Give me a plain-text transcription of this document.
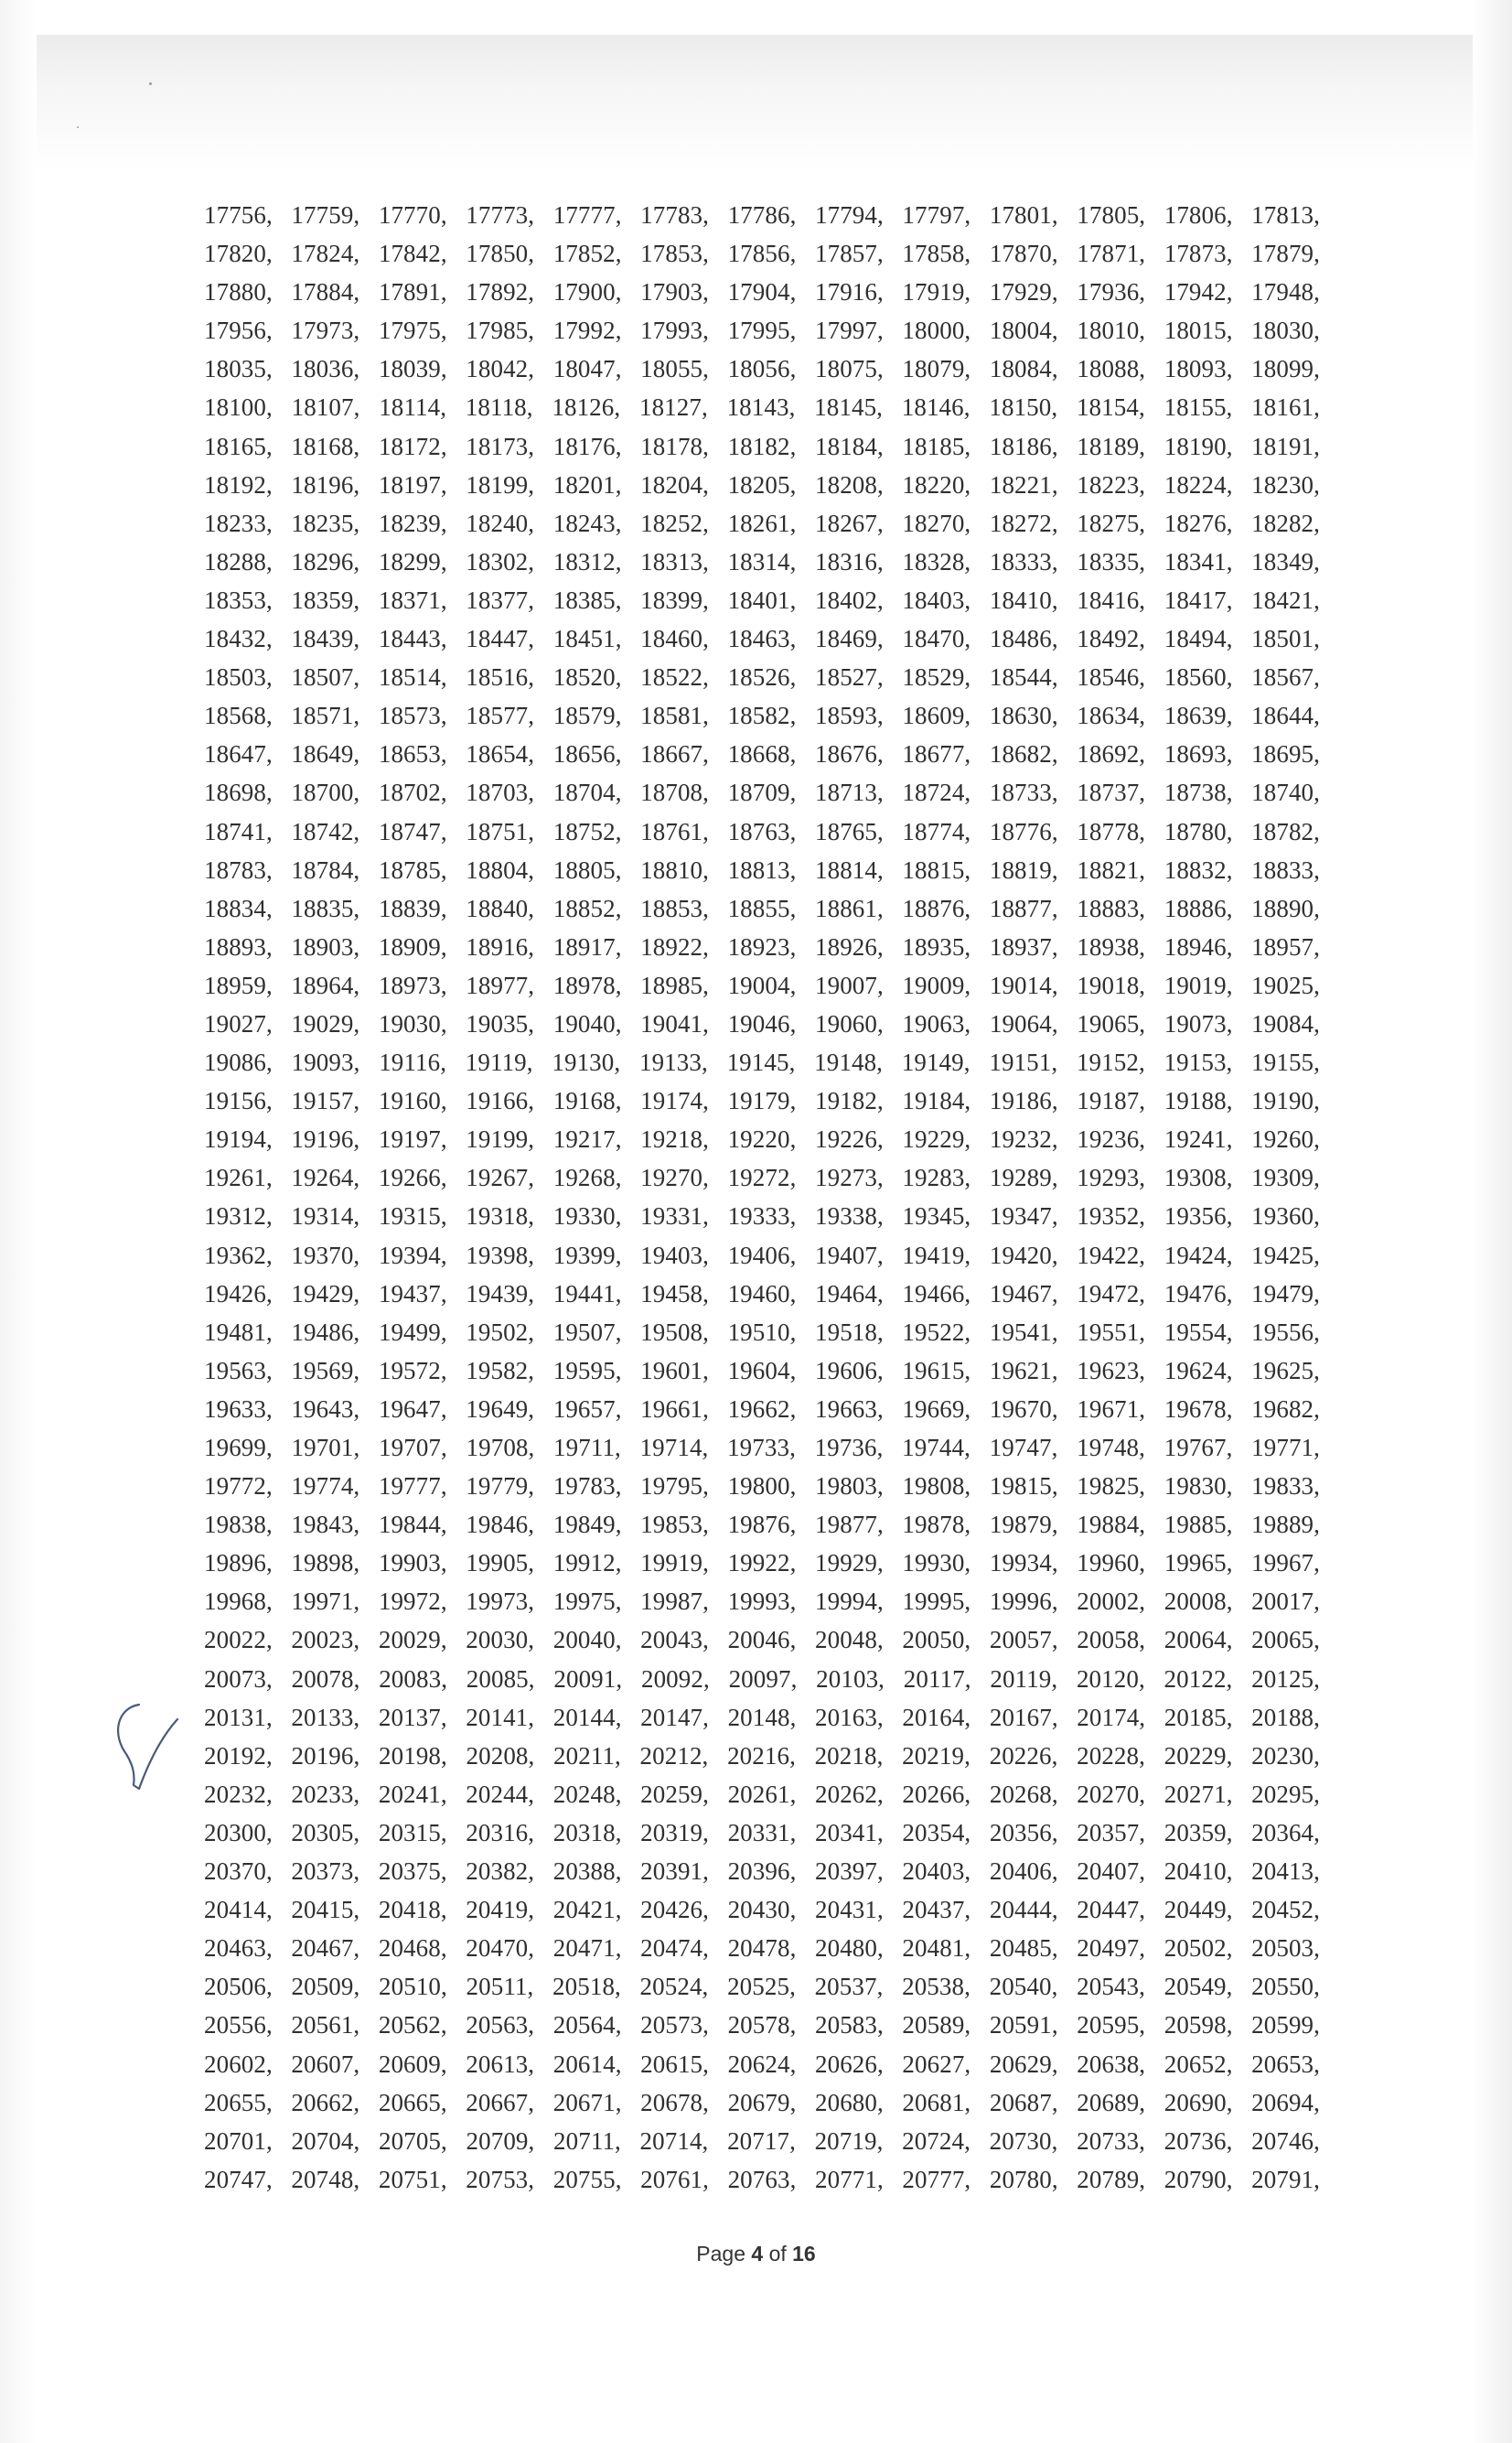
17756, 17759, 17770, 17773, 17777, 17783, 17786, 17794, 17797, 17801, 17805, 17806, 17813,
17820, 17824, 17842, 17850, 17852, 17853, 17856, 17857, 17858, 17870, 17871, 17873, 17879,
17880, 17884, 17891, 17892, 17900, 17903, 17904, 17916, 17919, 17929, 17936, 17942, 17948,
17956, 17973, 17975, 17985, 17992, 17993, 17995, 17997, 18000, 18004, 18010, 18015, 18030,
18035, 18036, 18039, 18042, 18047, 18055, 18056, 18075, 18079, 18084, 18088, 18093, 18099,
18100, 18107, 18114, 18118, 18126, 18127, 18143, 18145, 18146, 18150, 18154, 18155, 18161,
18165, 18168, 18172, 18173, 18176, 18178, 18182, 18184, 18185, 18186, 18189, 18190, 18191,
18192, 18196, 18197, 18199, 18201, 18204, 18205, 18208, 18220, 18221, 18223, 18224, 18230,
18233, 18235, 18239, 18240, 18243, 18252, 18261, 18267, 18270, 18272, 18275, 18276, 18282,
18288, 18296, 18299, 18302, 18312, 18313, 18314, 18316, 18328, 18333, 18335, 18341, 18349,
18353, 18359, 18371, 18377, 18385, 18399, 18401, 18402, 18403, 18410, 18416, 18417, 18421,
18432, 18439, 18443, 18447, 18451, 18460, 18463, 18469, 18470, 18486, 18492, 18494, 18501,
18503, 18507, 18514, 18516, 18520, 18522, 18526, 18527, 18529, 18544, 18546, 18560, 18567,
18568, 18571, 18573, 18577, 18579, 18581, 18582, 18593, 18609, 18630, 18634, 18639, 18644,
18647, 18649, 18653, 18654, 18656, 18667, 18668, 18676, 18677, 18682, 18692, 18693, 18695,
18698, 18700, 18702, 18703, 18704, 18708, 18709, 18713, 18724, 18733, 18737, 18738, 18740,
18741, 18742, 18747, 18751, 18752, 18761, 18763, 18765, 18774, 18776, 18778, 18780, 18782,
18783, 18784, 18785, 18804, 18805, 18810, 18813, 18814, 18815, 18819, 18821, 18832, 18833,
18834, 18835, 18839, 18840, 18852, 18853, 18855, 18861, 18876, 18877, 18883, 18886, 18890,
18893, 18903, 18909, 18916, 18917, 18922, 18923, 18926, 18935, 18937, 18938, 18946, 18957,
18959, 18964, 18973, 18977, 18978, 18985, 19004, 19007, 19009, 19014, 19018, 19019, 19025,
19027, 19029, 19030, 19035, 19040, 19041, 19046, 19060, 19063, 19064, 19065, 19073, 19084,
19086, 19093, 19116, 19119, 19130, 19133, 19145, 19148, 19149, 19151, 19152, 19153, 19155,
19156, 19157, 19160, 19166, 19168, 19174, 19179, 19182, 19184, 19186, 19187, 19188, 19190,
19194, 19196, 19197, 19199, 19217, 19218, 19220, 19226, 19229, 19232, 19236, 19241, 19260,
19261, 19264, 19266, 19267, 19268, 19270, 19272, 19273, 19283, 19289, 19293, 19308, 19309,
19312, 19314, 19315, 19318, 19330, 19331, 19333, 19338, 19345, 19347, 19352, 19356, 19360,
19362, 19370, 19394, 19398, 19399, 19403, 19406, 19407, 19419, 19420, 19422, 19424, 19425,
19426, 19429, 19437, 19439, 19441, 19458, 19460, 19464, 19466, 19467, 19472, 19476, 19479,
19481, 19486, 19499, 19502, 19507, 19508, 19510, 19518, 19522, 19541, 19551, 19554, 19556,
19563, 19569, 19572, 19582, 19595, 19601, 19604, 19606, 19615, 19621, 19623, 19624, 19625,
19633, 19643, 19647, 19649, 19657, 19661, 19662, 19663, 19669, 19670, 19671, 19678, 19682,
19699, 19701, 19707, 19708, 19711, 19714, 19733, 19736, 19744, 19747, 19748, 19767, 19771,
19772, 19774, 19777, 19779, 19783, 19795, 19800, 19803, 19808, 19815, 19825, 19830, 19833,
19838, 19843, 19844, 19846, 19849, 19853, 19876, 19877, 19878, 19879, 19884, 19885, 19889,
19896, 19898, 19903, 19905, 19912, 19919, 19922, 19929, 19930, 19934, 19960, 19965, 19967,
19968, 19971, 19972, 19973, 19975, 19987, 19993, 19994, 19995, 19996, 20002, 20008, 20017,
20022, 20023, 20029, 20030, 20040, 20043, 20046, 20048, 20050, 20057, 20058, 20064, 20065,
20073, 20078, 20083, 20085, 20091, 20092, 20097, 20103, 20117, 20119, 20120, 20122, 20125,
20131, 20133, 20137, 20141, 20144, 20147, 20148, 20163, 20164, 20167, 20174, 20185, 20188,
20192, 20196, 20198, 20208, 20211, 20212, 20216, 20218, 20219, 20226, 20228, 20229, 20230,
20232, 20233, 20241, 20244, 20248, 20259, 20261, 20262, 20266, 20268, 20270, 20271, 20295,
20300, 20305, 20315, 20316, 20318, 20319, 20331, 20341, 20354, 20356, 20357, 20359, 20364,
20370, 20373, 20375, 20382, 20388, 20391, 20396, 20397, 20403, 20406, 20407, 20410, 20413,
20414, 20415, 20418, 20419, 20421, 20426, 20430, 20431, 20437, 20444, 20447, 20449, 20452,
20463, 20467, 20468, 20470, 20471, 20474, 20478, 20480, 20481, 20485, 20497, 20502, 20503,
20506, 20509, 20510, 20511, 20518, 20524, 20525, 20537, 20538, 20540, 20543, 20549, 20550,
20556, 20561, 20562, 20563, 20564, 20573, 20578, 20583, 20589, 20591, 20595, 20598, 20599,
20602, 20607, 20609, 20613, 20614, 20615, 20624, 20626, 20627, 20629, 20638, 20652, 20653,
20655, 20662, 20665, 20667, 20671, 20678, 20679, 20680, 20681, 20687, 20689, 20690, 20694,
20701, 20704, 20705, 20709, 20711, 20714, 20717, 20719, 20724, 20730, 20733, 20736, 20746,
20747, 20748, 20751, 20753, 20755, 20761, 20763, 20771, 20777, 20780, 20789, 20790, 20791,
Page 4 of 16
